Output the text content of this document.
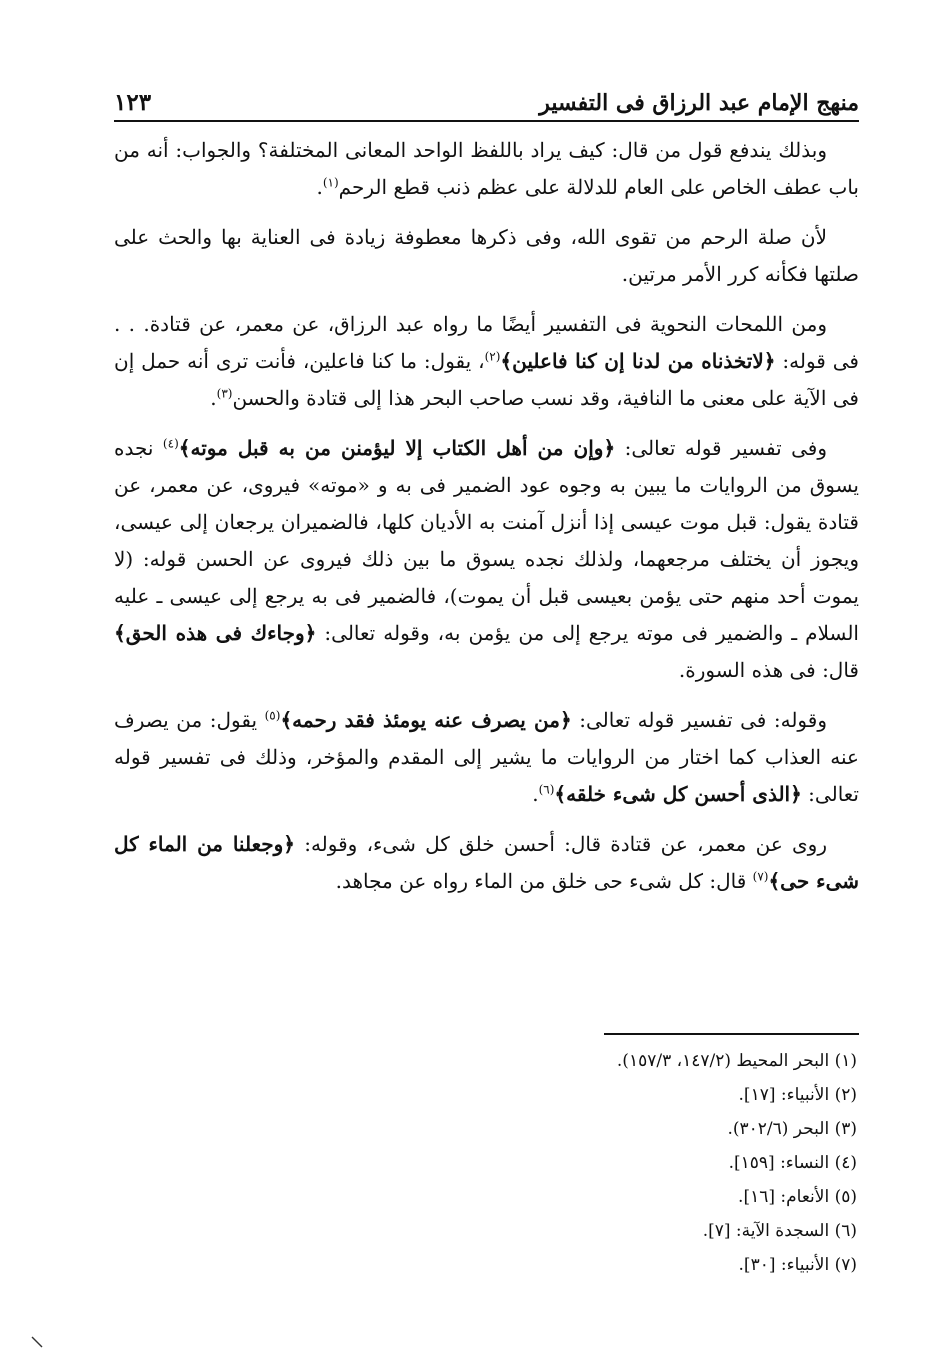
منهج الإمام عبد الرزاق فى التفسير
١٢٣

وبذلك يندفع قول من قال: كيف يراد باللفظ الواحد المعانى المختلفة؟ والجواب: أنه من باب عطف الخاص على العام للدلالة على عظم ذنب قطع الرحم$^{(١)}$.

لأن صلة الرحم من تقوى الله، وفى ذكرها معطوفة زيادة فى العناية بها والحث على صلتها فكأنه كرر الأمر مرتين.

ومن اللمحات النحوية فى التفسير أيضًا ما رواه عبد الرزاق، عن معمر، عن قتادة. . . فى قوله: ﴿لاتخذناه من لدنا إن كنا فاعلين﴾$^{(٢)}$، يقول: ما كنا فاعلين، فأنت ترى أنه حمل إن فى الآية على معنى ما النافية، وقد نسب صاحب البحر هذا إلى قتادة والحسن$^{(٣)}$.

وفى تفسير قوله تعالى: ﴿وإن من أهل الكتاب إلا ليؤمنن من به قبل موته﴾$^{(٤)}$ نجده يسوق من الروايات ما يبين به وجوه عود الضمير فى به و «موته» فيروى، عن معمر، عن قتادة يقول: قبل موت عيسى إذا أنزل آمنت به الأديان كلها، فالضميران يرجعان إلى عيسى، ويجوز أن يختلف مرجعهما، ولذلك نجده يسوق ما بين ذلك فيروى عن الحسن قوله: (لا يموت أحد منهم حتى يؤمن بعيسى قبل أن يموت)، فالضمير فى به يرجع إلى عيسى ـ عليه السلام ـ والضمير فى موته يرجع إلى من يؤمن به، وقوله تعالى: ﴿وجاءك فى هذه الحق﴾ قال: فى هذه السورة.

وقوله: فى تفسير قوله تعالى: ﴿من يصرف عنه يومئذ فقد رحمه﴾$^{(٥)}$ يقول: من يصرف عنه العذاب كما اختار من الروايات ما يشير إلى المقدم والمؤخر، وذلك فى تفسير قوله تعالى: ﴿الذى أحسن كل شىء خلقه﴾$^{(٦)}$.

روى عن معمر، عن قتادة قال: أحسن خلق كل شىء، وقوله: ﴿وجعلنا من الماء كل شىء حى﴾$^{(٧)}$ قال: كل شىء حى خلق من الماء رواه عن مجاهد.

(١) البحر المحيط (١٤٧/٢، ١٥٧/٣).
(٢) الأنبياء: [١٧].
(٣) البحر (٣٠٢/٦).
(٤) النساء: [١٥٩].
(٥) الأنعام: [١٦].
(٦) السجدة الآية: [٧].
(٧) الأنبياء: [٣٠].
